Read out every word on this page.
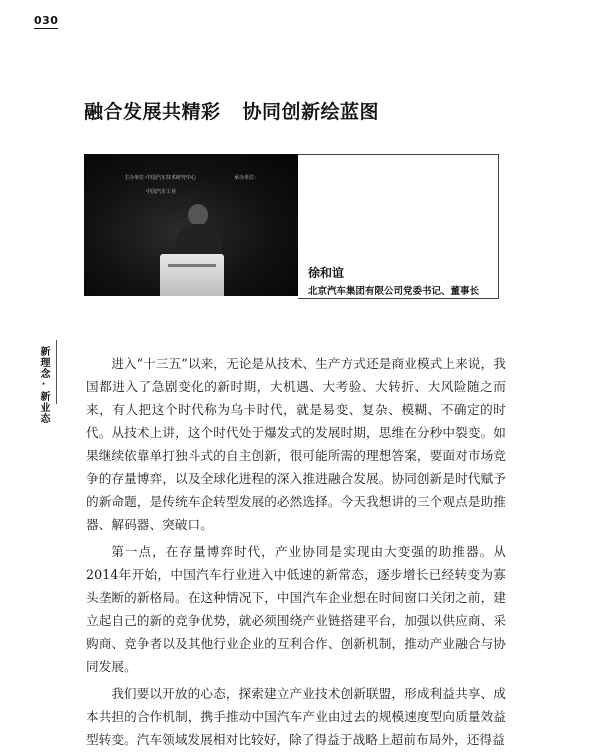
030
融合发展共精彩 协同创新绘蓝图
主办单位：
中国汽车技术研究中心
中国汽车工业
承办单位：
徐和谊
北京汽车集团有限公司党委书记、董事长
新理念·新业态	进入“十三五”以来，无论是从技术、生产方式还是商业模式上来说，我国都进入了急剧变化的新时期，大机遇、大考验、大转折、大风险随之而来，有人把这个时代称为乌卡时代，就是易变、复杂、模糊、不确定的时代。从技术上讲，这个时代处于爆发式的发展时期，思维在分秒中裂变。如果继续依靠单打独斗式的自主创新，很可能所需的理想答案，要面对市场竞争的存量博弈，以及全球化进程的深入推进融合发展。协同创新是时代赋予的新命题，是传统车企转型发展的必然选择。今天我想讲的三个观点是助推器、解码器、突破口。

第一点，在存量博弈时代，产业协同是实现由大变强的助推器。从2014年开始，中国汽车行业进入中低速的新常态，逐步增长已经转变为寡头垄断的新格局。在这种情况下，中国汽车企业想在时间窗口关闭之前，建立起自己的新的竞争优势，就必须围绕产业链搭建平台，加强以供应商、采购商、竞争者以及其他行业企业的互利合作、创新机制，推动产业融合与协同发展。

我们要以开放的心态，探索建立产业技术创新联盟，形成利益共享、成本共担的合作机制，携手推动中国汽车产业由过去的规模速度型向质量效益型转变。汽车领域发展相对比较好，除了得益于战略上超前布局外，还得益
